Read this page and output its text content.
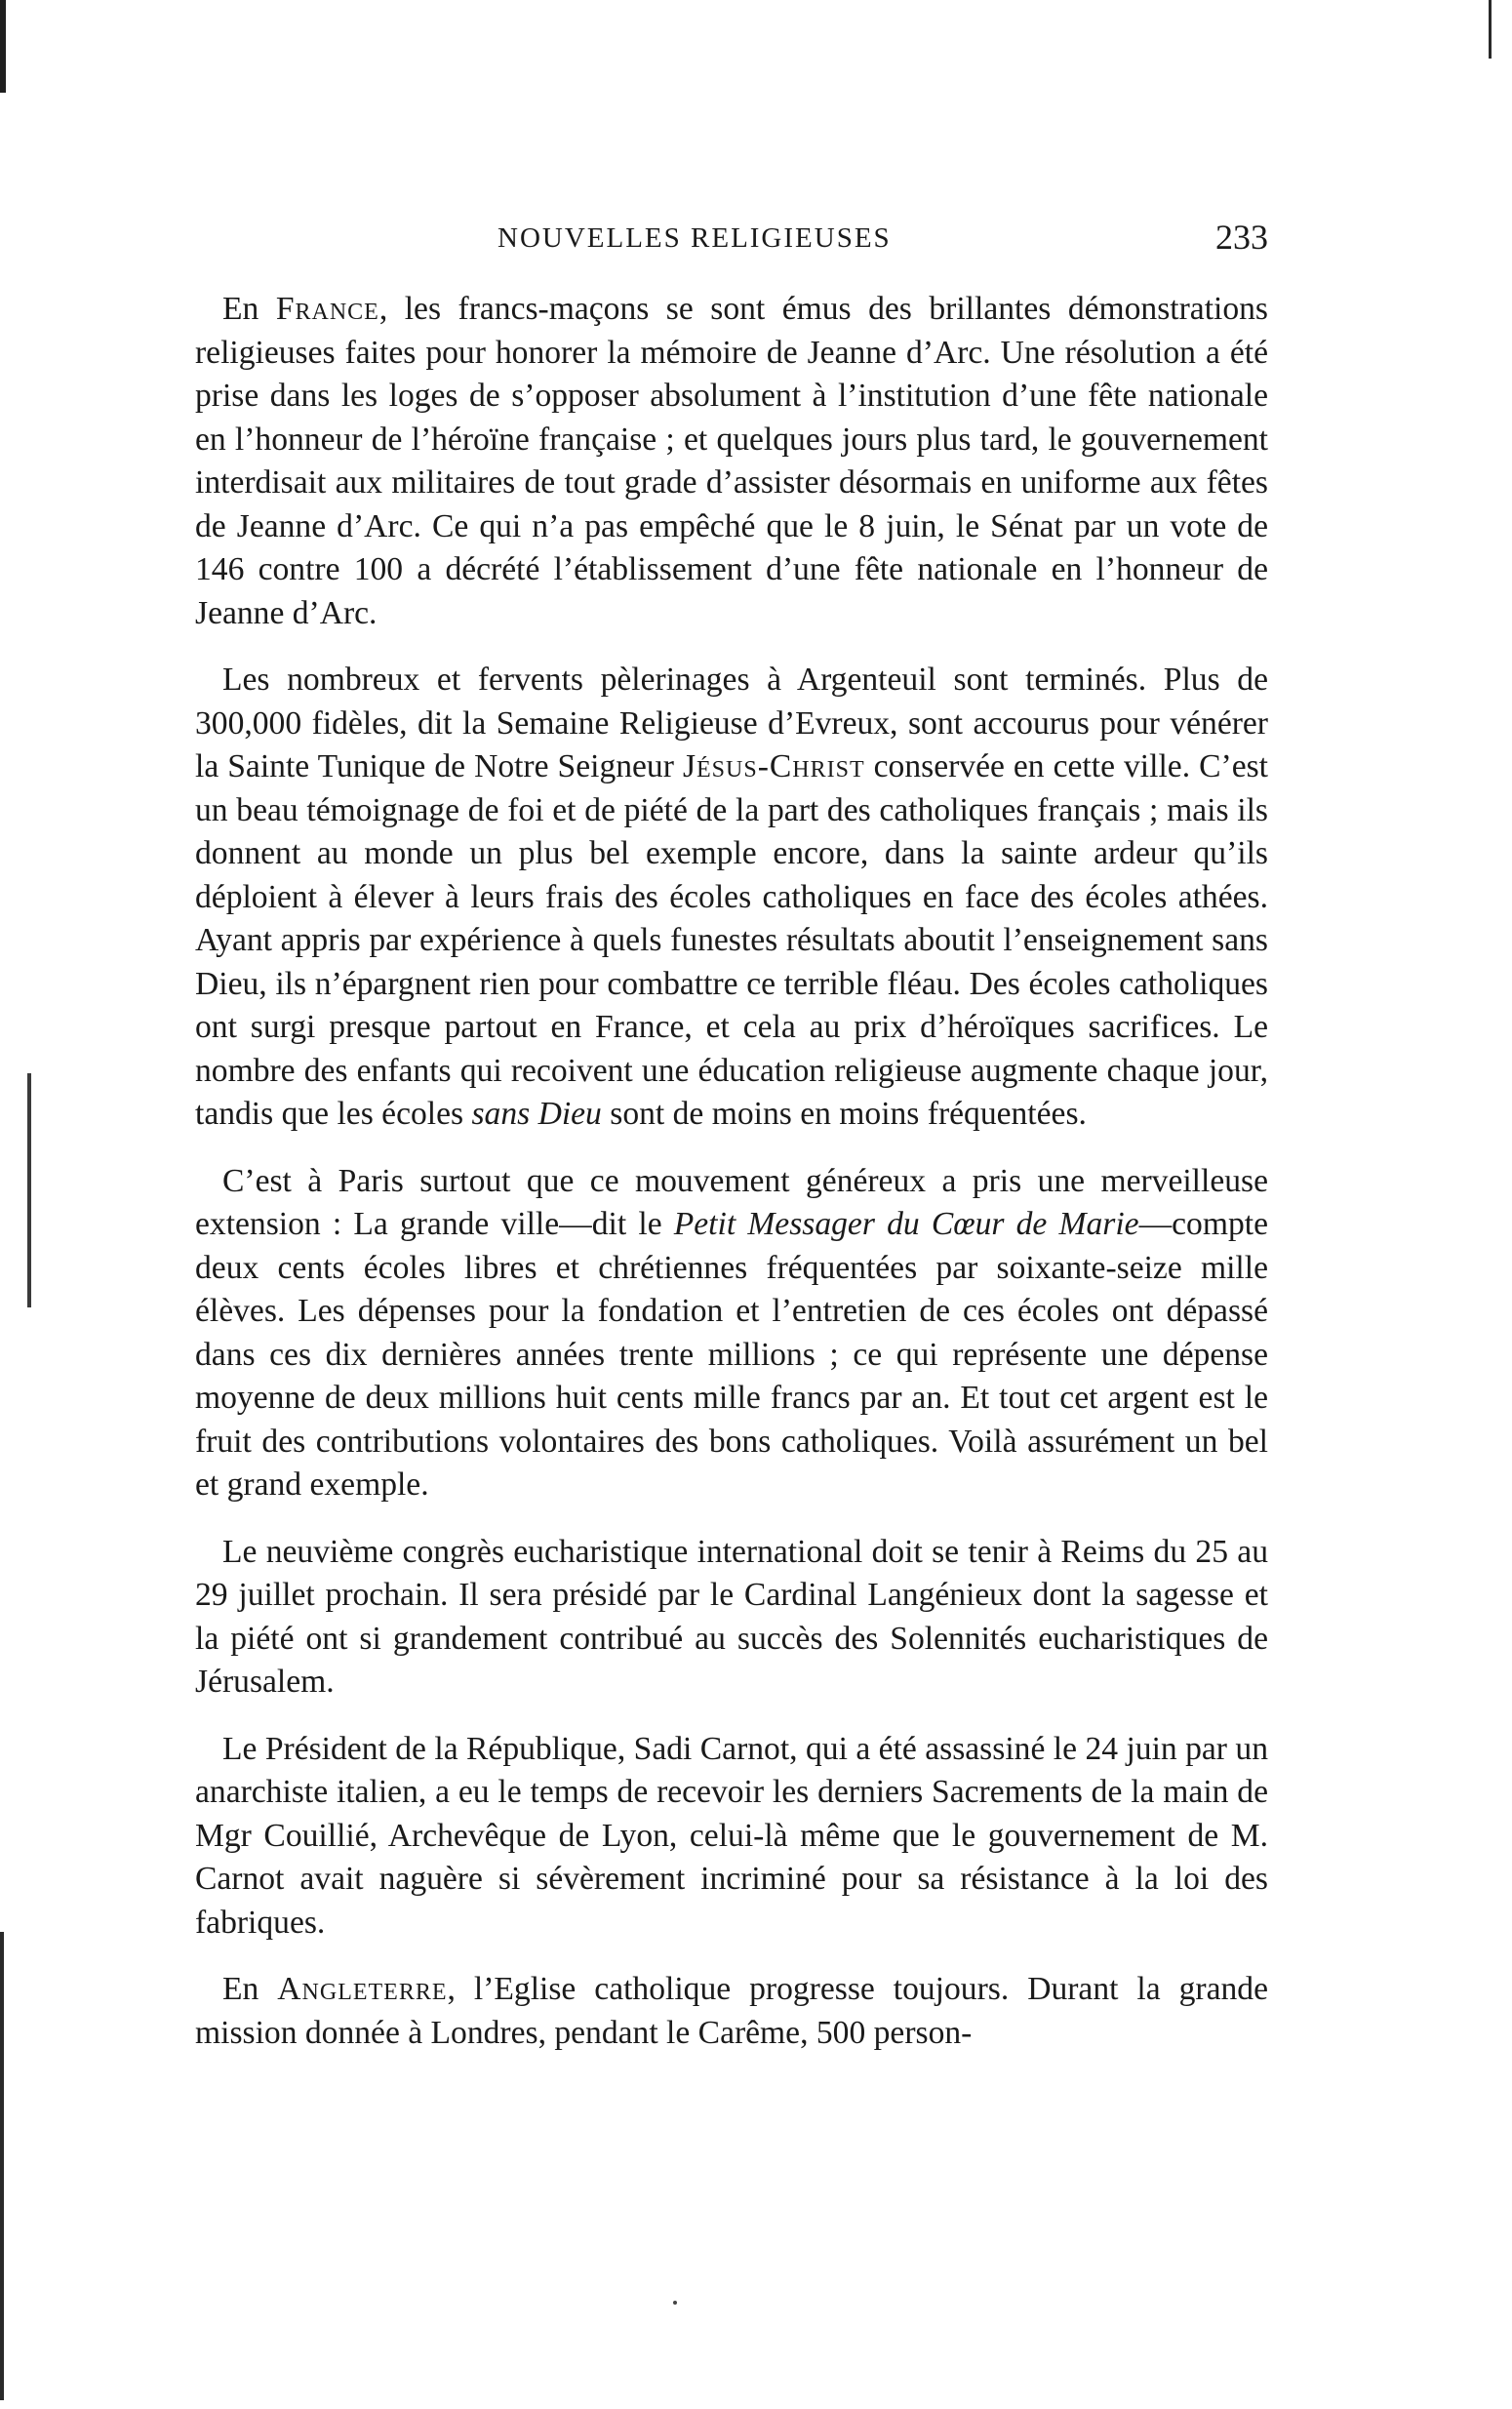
NOUVELLES RELIGIEUSES	233

En France, les francs-maçons se sont émus des brillantes démonstrations religieuses faites pour honorer la mémoire de Jeanne d’Arc. Une résolution a été prise dans les loges de s’opposer absolument à l’institution d’une fête nationale en l’honneur de l’héroïne française ; et quelques jours plus tard, le gouvernement interdisait aux militaires de tout grade d’assister désormais en uniforme aux fêtes de Jeanne d’Arc. Ce qui n’a pas empêché que le 8 juin, le Sénat par un vote de 146 contre 100 a décrété l’établissement d’une fête nationale en l’honneur de Jeanne d’Arc.

Les nombreux et fervents pèlerinages à Argenteuil sont terminés. Plus de 300,000 fidèles, dit la Semaine Religieuse d’Evreux, sont accourus pour vénérer la Sainte Tunique de Notre Seigneur Jésus-Christ conservée en cette ville. C’est un beau témoignage de foi et de piété de la part des catholiques français ; mais ils donnent au monde un plus bel exemple encore, dans la sainte ardeur qu’ils déploient à élever à leurs frais des écoles catholiques en face des écoles athées. Ayant appris par expérience à quels funestes résultats aboutit l’enseignement sans Dieu, ils n’épargnent rien pour combattre ce terrible fléau. Des écoles catholiques ont surgi presque partout en France, et cela au prix d’héroïques sacrifices. Le nombre des enfants qui recoivent une éducation religieuse augmente chaque jour, tandis que les écoles sans Dieu sont de moins en moins fréquentées.

C’est à Paris surtout que ce mouvement généreux a pris une merveilleuse extension : La grande ville—dit le Petit Messager du Cœur de Marie—compte deux cents écoles libres et chrétiennes fréquentées par soixante-seize mille élèves. Les dépenses pour la fondation et l’entretien de ces écoles ont dépassé dans ces dix dernières années trente millions ; ce qui représente une dépense moyenne de deux millions huit cents mille francs par an. Et tout cet argent est le fruit des contributions volontaires des bons catholiques. Voilà assurément un bel et grand exemple.

Le neuvième congrès eucharistique international doit se tenir à Reims du 25 au 29 juillet prochain. Il sera présidé par le Cardinal Langénieux dont la sagesse et la piété ont si grandement contribué au succès des Solennités eucharistiques de Jérusalem.

Le Président de la République, Sadi Carnot, qui a été assassiné le 24 juin par un anarchiste italien, a eu le temps de recevoir les derniers Sacrements de la main de Mgr Couillié, Archevêque de Lyon, celui-là même que le gouvernement de M. Carnot avait naguère si sévèrement incriminé pour sa résistance à la loi des fabriques.

En Angleterre, l’Eglise catholique progresse toujours. Durant la grande mission donnée à Londres, pendant le Carême, 500 person-
